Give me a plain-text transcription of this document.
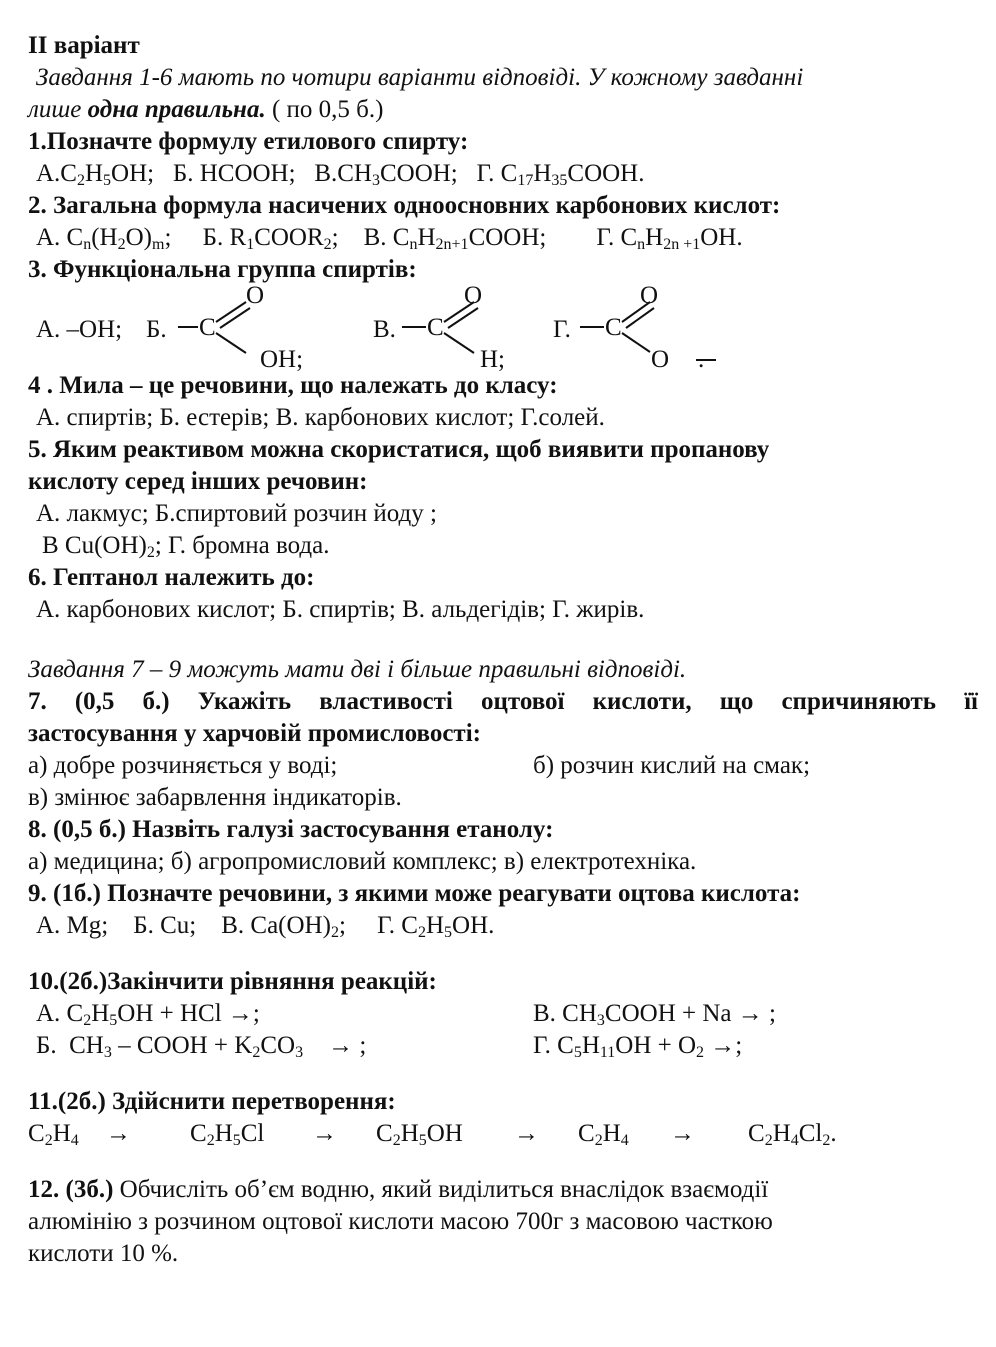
II варіант
Завдання 1-6 мають по чотири варіанти відповіді. У кожному завданні
лише одна правильна. ( по 0,5 б.)
1.Позначте формулу етилового спирту:
$А.C_2H_5OH$;   Б. HCOOH; $В.CH_3COOH$;   Г. $C_{17}H_{35}COOH$.
2. Загальна формула насичених одноосновних карбонових кислот:
А. $C_n(H_2O)_m$;     Б. $R_1COOR_2$;    В. $C_nH_{2n+1}COOH$;        Г. $C_nH_{2n +1}OH$.
3. Функціональна группа спиртів:
А. –ОН; Б. C
O
OH;
В. C
O
H;
Г. C
O
O .
4 . Мила – це речовини, що належать до класу:
А. спиртів; Б. естерів; В. карбонових кислот; Г.солей.
5. Яким реактивом можна скористатися, щоб виявити пропанову
кислоту серед інших речовин:
А. лакмус; Б.спиртовий розчин йоду ;
В $Cu(OH)_2$; Г. бромна вода.
6. Гептанол належить до:
А. карбонових кислот; Б. спиртів; В. альдегідів; Г. жирів.
Завдання 7 – 9 можуть мати дві і більше правильні відповіді.
7. (0,5 б.) Укажіть властивості оцтової кислоти, що спричиняють її
застосування у харчовій промисловості:
а) добре розчиняється у воді;	б) розчин кислий на смак;
в) змінює забарвлення індикаторів.
8. (0,5 б.) Назвіть галузі застосування етанолу:
а) медицина; б) агропромисловий комплекс; в) електротехніка.
9. (1б.) Позначте речовини, з якими може реагувати оцтова кислота:
А. Mg; Б. Cu; В. $Ca(OH)_2$;     Г. $C_2H_5OH$.
10.(2б.)Закінчити рівняння реакцій:
А. $C_2H_5OH$ + HCl →;	В. $CH_3COOH + Na$ → ;
Б.  $CH_3$ – COOH + $K_2CO_3$    → ;	Г. $C_5H_{11}OH + O_2$ →;
11.(2б.) Здійснити перетворення:
$C_2H_4 \to C_2H_5Cl \to C_2H_5OH \to C_2H_4 \to C_2H_4Cl_2$.
12. (3б.) Обчисліть об’єм водню, який виділиться внаслідок взаємодії
алюмінію з розчином оцтової кислоти масою 700г з масовою часткою
кислоти 10 %.
